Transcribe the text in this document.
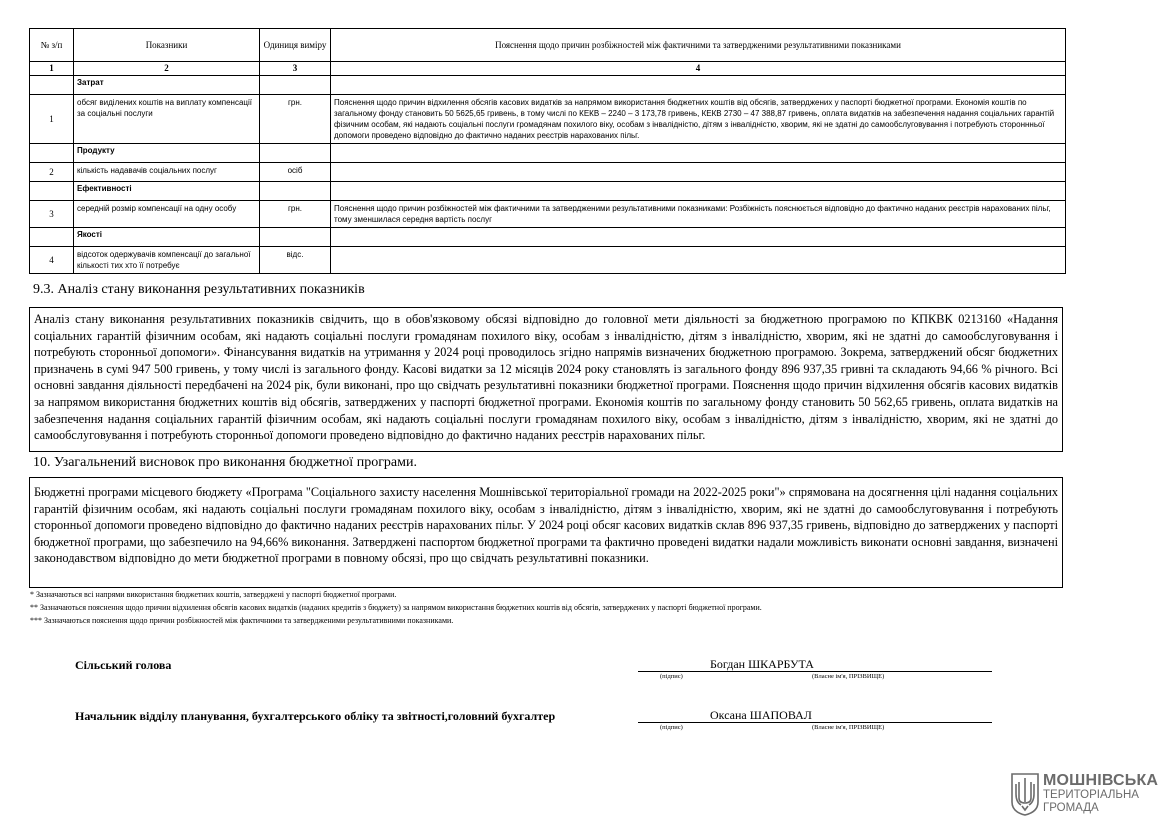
№ з/п	Показники	Одиниця виміру	Пояснення щодо причин розбіжностей між фактичними та затвердженими результативними показниками
1	2	3	4
	Затрат		
1	обсяг виділених коштів на виплату компенсації за соціальні послуги	грн.	Пояснення щодо причин відхилення обсягів касових видатків за напрямом використання бюджетних коштів від обсягів, затверджених у паспорті бюджетної програми. Економія коштів по загальному фонду становить 50 5625,65 гривень, в тому числі по КЕКВ – 2240 – 3 173,78 гривень, КЕКВ 2730 – 47 388,87 гривень, оплата видатків на забезпечення надання соціальних гарантій фізичним особам, які надають соціальні послуги громадянам похилого віку, особам з інвалідністю, дітям з інвалідністю, хворим, які не здатні до самообслуговування і потребують стороннньої допомоги проведено відповідно до фактично наданих реєстрів нарахованих пільг.
	Продукту		
2	кількість надавачів соціальних послуг	осіб	
	Ефективності		
3	середній розмір компенсації на одну особу	грн.	Пояснення щодо причин розбіжностей між фактичними та затвердженими результативними показниками: Розбіжність пояснюється відповідно до фактично наданих реєстрів нарахованих пільг, тому зменшилася середня вартість послуг
	Якості		
4	відсоток одержувачів компенсації до загальної кількості тих хто її потребує	відс.	
9.3. Аналіз стану виконання результативних показників
Аналіз стану виконання результативних показників свідчить, що в обов'язковому обсязі відповідно до головної мети діяльності за бюджетною програмою по КПКВК 0213160 «Надання соціальних гарантій фізичним особам, які надають соціальні послуги громадянам похилого віку, особам з інвалідністю, дітям з інвалідністю, хворим, які не здатні до самообслуговування і потребують сторонньої допомоги». Фінансування видатків на утримання у 2024 році проводилось згідно напрямів визначених бюджетною програмою. Зокрема, затверджений обсяг бюджетних призначень в сумі 947 500 гривень, у тому числі із загального фонду. Касові видатки за 12 місяців 2024 року становлять із загального фонду 896 937,35 гривні та складають 94,66 % річного. Всі основні завдання діяльності передбачені на 2024 рік, були виконані, про що свідчать результативні показники бюджетної програми. Пояснення щодо причин відхилення обсягів касових видатків за напрямом використання бюджетних коштів від обсягів, затверджених у паспорті бюджетної програми. Економія коштів по загальному фонду становить 50 562,65 гривень, оплата видатків на забезпечення надання соціальних гарантій фізичним особам, які надають соціальні послуги громадянам похилого віку, особам з інвалідністю, дітям з інвалідністю, хворим, які не здатні до самообслуговування і потребують сторонньої допомоги проведено відповідно до фактично наданих реєстрів нарахованих пільг.
10. Узагальнений висновок про виконання бюджетної програми.
Бюджетні програми місцевого бюджету «Програма "Соціального захисту населення Мошнівської територіальної громади на 2022-2025 роки"» спрямована на досягнення цілі надання соціальних гарантій фізичним особам, які надають соціальні послуги громадянам похилого віку, особам з інвалідністю, дітям з інвалідністю, хворим, які не здатні до самообслуговування і потребують сторонньої допомоги проведено відповідно до фактично наданих реєстрів нарахованих пільг. У 2024 році обсяг касових видатків склав 896 937,35 гривень, відповідно до затверджених у паспорті бюджетної програми, що забезпечило на 94,66% виконання. Затверджені паспортом бюджетної програми та фактично проведені видатки надали можливість виконати основні завдання, визначені законодавством відповідно до мети бюджетної програми в повному обсязі, про що свідчать результативні показники.
* Зазначаються всі напрями використання бюджетних коштів, затверджені у паспорті бюджетної програми.
** Зазначаються пояснення щодо причин відхилення обсягів касових видатків (наданих кредитів з бюджету) за напрямом використання бюджетних коштів від обсягів, затверджених у паспорті бюджетної програми.
*** Зазначаються пояснення щодо причин розбіжностей між фактичними та затвердженими результативними показниками.
Сільський голова	Богдан ШКАРБУТА
(підпис)	(Власне ім'я, ПРІЗВИЩЕ)
Начальник відділу планування, бухгалтерського обліку та звітності,головний бухгалтер	Оксана ШАПОВАЛ
(підпис)	(Власне ім'я, ПРІЗВИЩЕ)
МОШНІВСЬКА
ТЕРИТОРІАЛЬНА
ГРОМАДА
